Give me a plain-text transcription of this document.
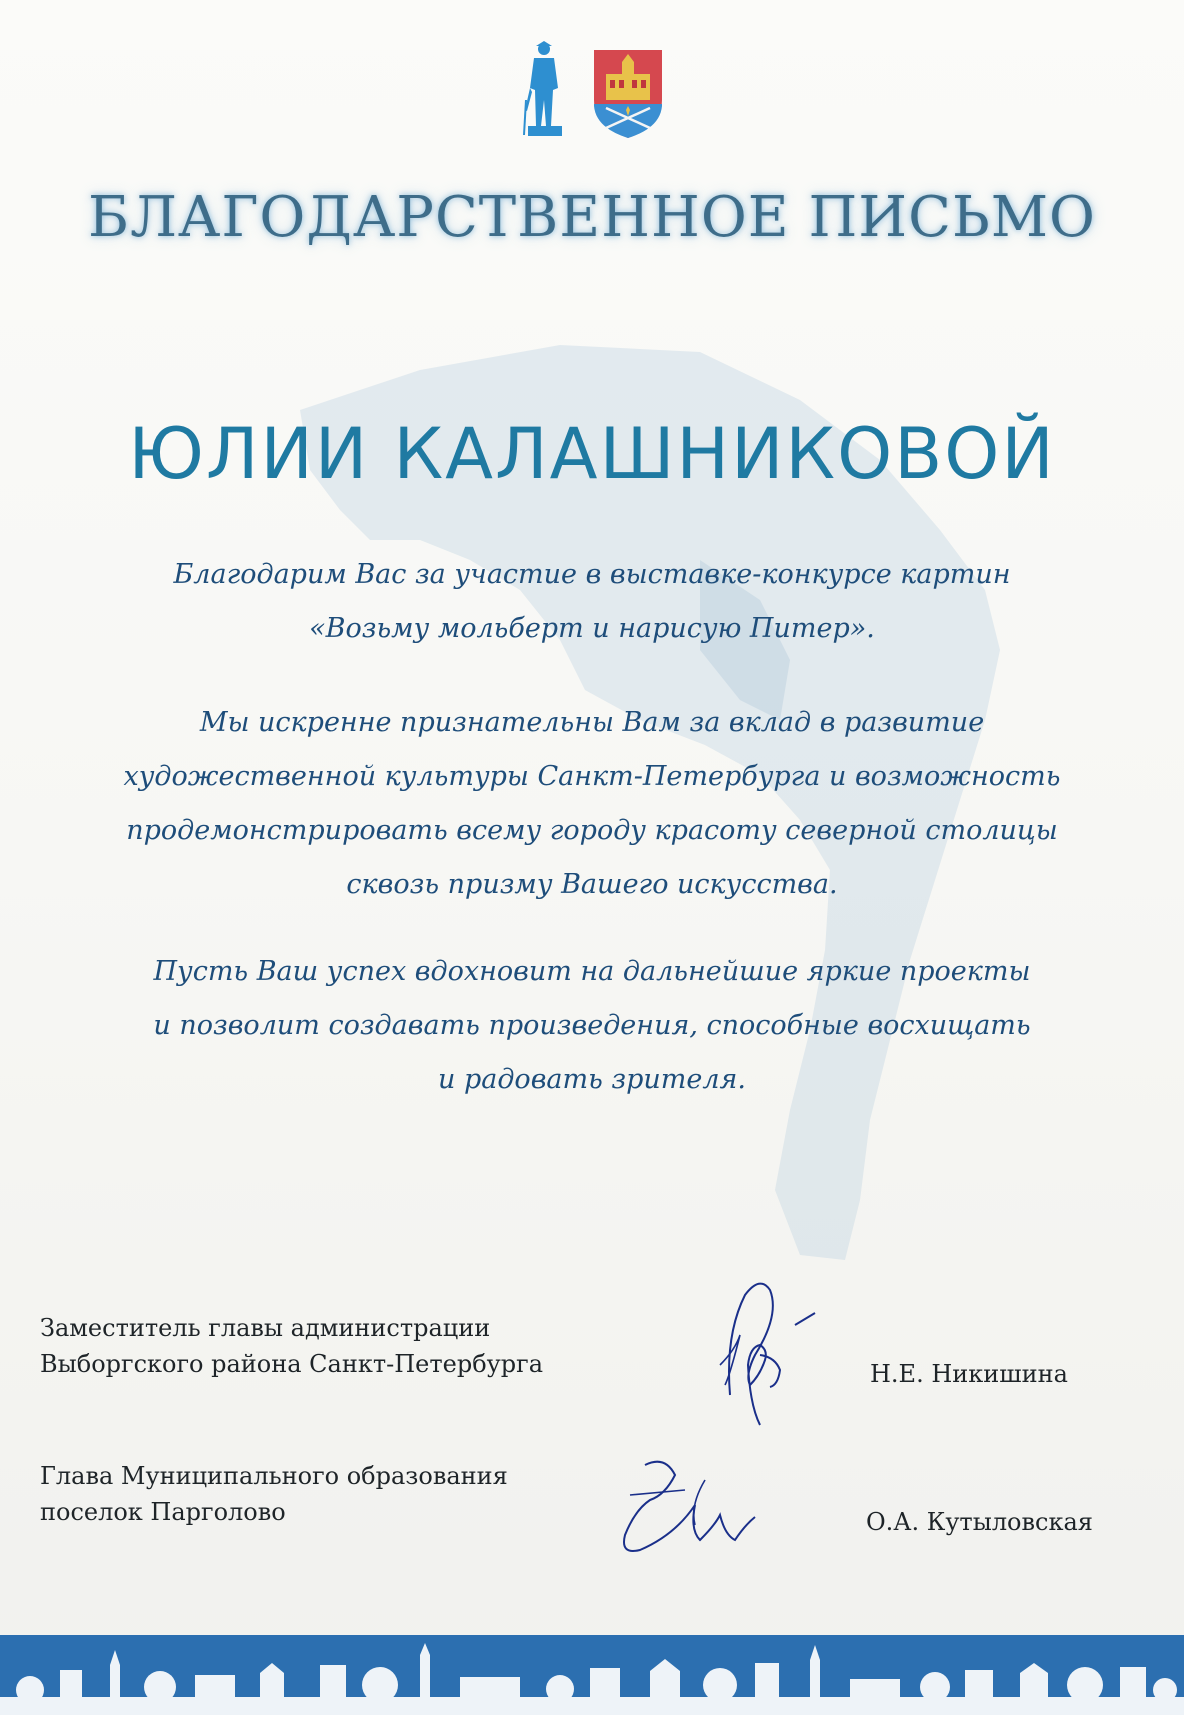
БЛАГОДАРСТВЕННОЕ ПИСЬМО
ЮЛИИ КАЛАШНИКОВОЙ
Благодарим Вас за участие в выставке-конкурсе картин
«Возьму мольберт и нарисую Питер».
Мы искренне признательны Вам за вклад в развитие
художественной культуры Санкт-Петербурга и возможность
продемонстрировать всему городу красоту северной столицы
сквозь призму Вашего искусства.
Пусть Ваш успех вдохновит на дальнейшие яркие проекты
и позволит создавать произведения, способные восхищать
и радовать зрителя.
Заместитель главы администрации
Выборгского района Санкт-Петербурга	Н.Е. Никишина
Глава Муниципального образования
поселок Парголово	О.А. Кутыловская
